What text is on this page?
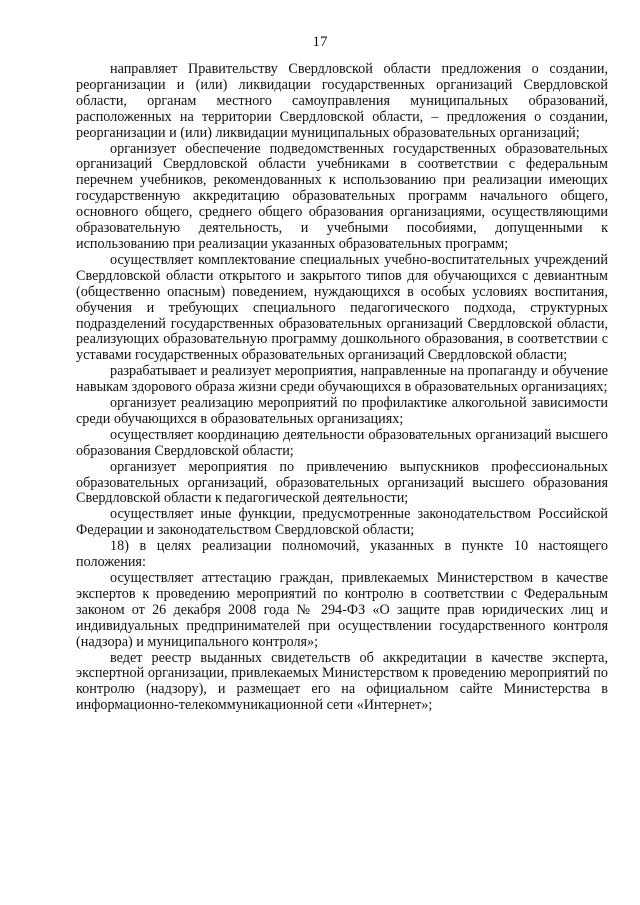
17

направляет Правительству Свердловской области предложения о создании, реорганизации и (или) ликвидации государственных организаций Свердловской области, органам местного самоуправления муниципальных образований, расположенных на территории Свердловской области, – предложения о создании, реорганизации и (или) ликвидации муниципальных образовательных организаций;

организует обеспечение подведомственных государственных образовательных организаций Свердловской области учебниками в соответствии с федеральным перечнем учебников, рекомендованных к использованию при реализации имеющих государственную аккредитацию образовательных программ начального общего, основного общего, среднего общего образования организациями, осуществляющими образовательную деятельность, и учебными пособиями, допущенными к использованию при реализации указанных образовательных программ;

осуществляет комплектование специальных учебно-воспитательных учреждений Свердловской области открытого и закрытого типов для обучающихся с девиантным (общественно опасным) поведением, нуждающихся в особых условиях воспитания, обучения и требующих специального педагогического подхода, структурных подразделений государственных образовательных организаций Свердловской области, реализующих образовательную программу дошкольного образования, в соответствии с уставами государственных образовательных организаций Свердловской области;

разрабатывает и реализует мероприятия, направленные на пропаганду и обучение навыкам здорового образа жизни среди обучающихся в образовательных организациях;

организует реализацию мероприятий по профилактике алкогольной зависимости среди обучающихся в образовательных организациях;

осуществляет координацию деятельности образовательных организаций высшего образования Свердловской области;

организует мероприятия по привлечению выпускников профессиональных образовательных организаций, образовательных организаций высшего образования Свердловской области к педагогической деятельности;

осуществляет иные функции, предусмотренные законодательством Российской Федерации и законодательством Свердловской области;

18) в целях реализации полномочий, указанных в пункте 10 настоящего положения:

осуществляет аттестацию граждан, привлекаемых Министерством в качестве экспертов к проведению мероприятий по контролю в соответствии с Федеральным законом от 26 декабря 2008 года № 294-ФЗ «О защите прав юридических лиц и индивидуальных предпринимателей при осуществлении государственного контроля (надзора) и муниципального контроля»;

ведет реестр выданных свидетельств об аккредитации в качестве эксперта, экспертной организации, привлекаемых Министерством к проведению мероприятий по контролю (надзору), и размещает его на официальном сайте Министерства в информационно-телекоммуникационной сети «Интернет»;
